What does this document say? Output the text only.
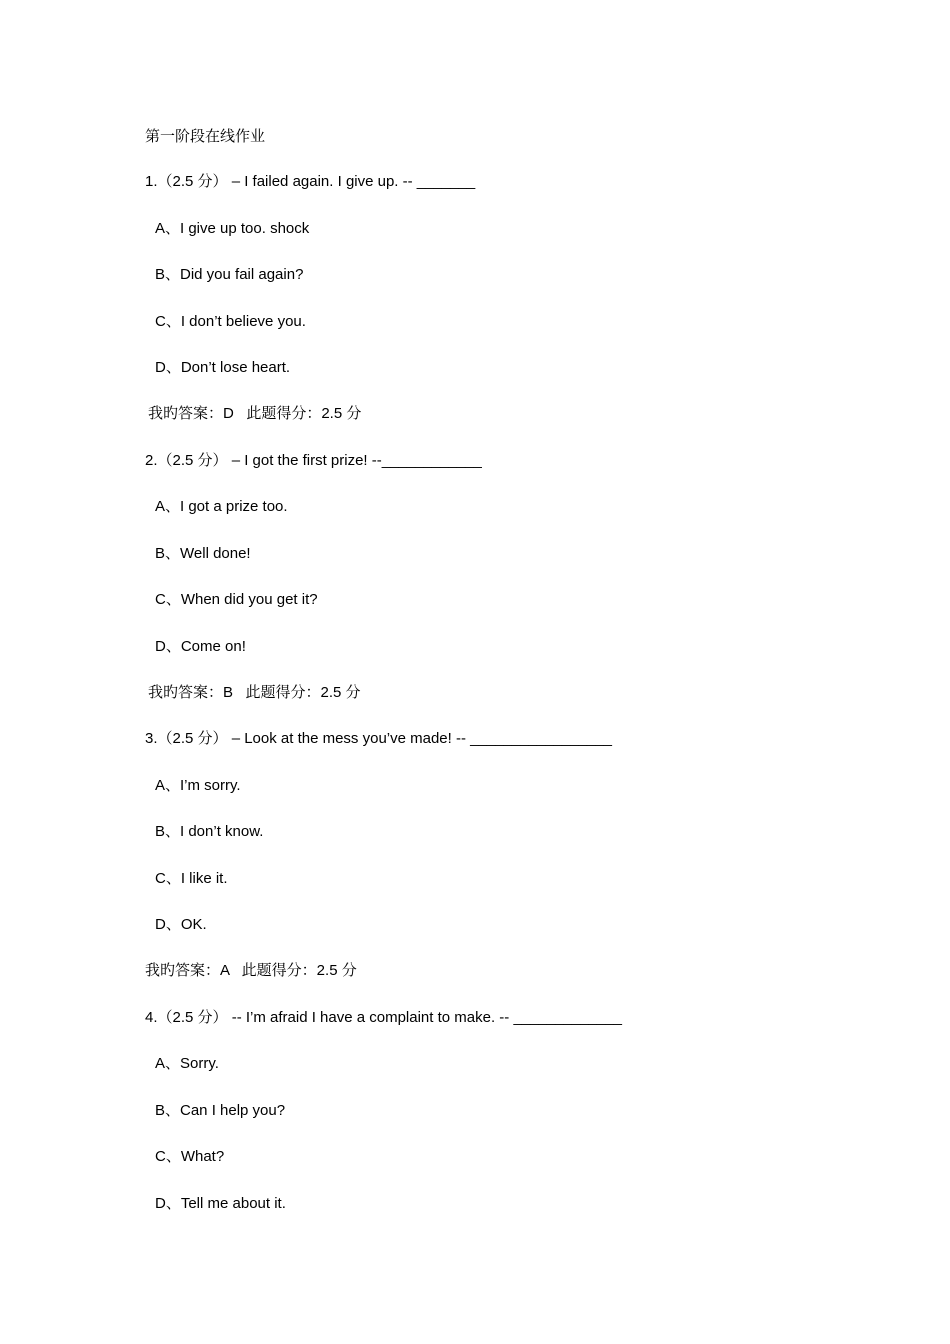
第一阶段在线作业
1.（2.5 分） – I failed again. I give up. -- _______
A、I give up too. shock
B、Did you fail again?
C、I don’t believe you.
D、Don’t lose heart.
我旳答案：D   此题得分：2.5 分
2.（2.5 分） – I got the first prize! --____________
A、I got a prize too.
B、Well done!
C、When did you get it?
D、Come on!
我旳答案：B   此题得分：2.5 分
3.（2.5 分） – Look at the mess you’ve made! -- _________________
A、I’m sorry.
B、I don’t know.
C、I like it.
D、OK.
我旳答案：A   此题得分：2.5 分
4.（2.5 分） -- I’m afraid I have a complaint to make. -- _____________
A、Sorry.
B、Can I help you?
C、What?
D、Tell me about it.
